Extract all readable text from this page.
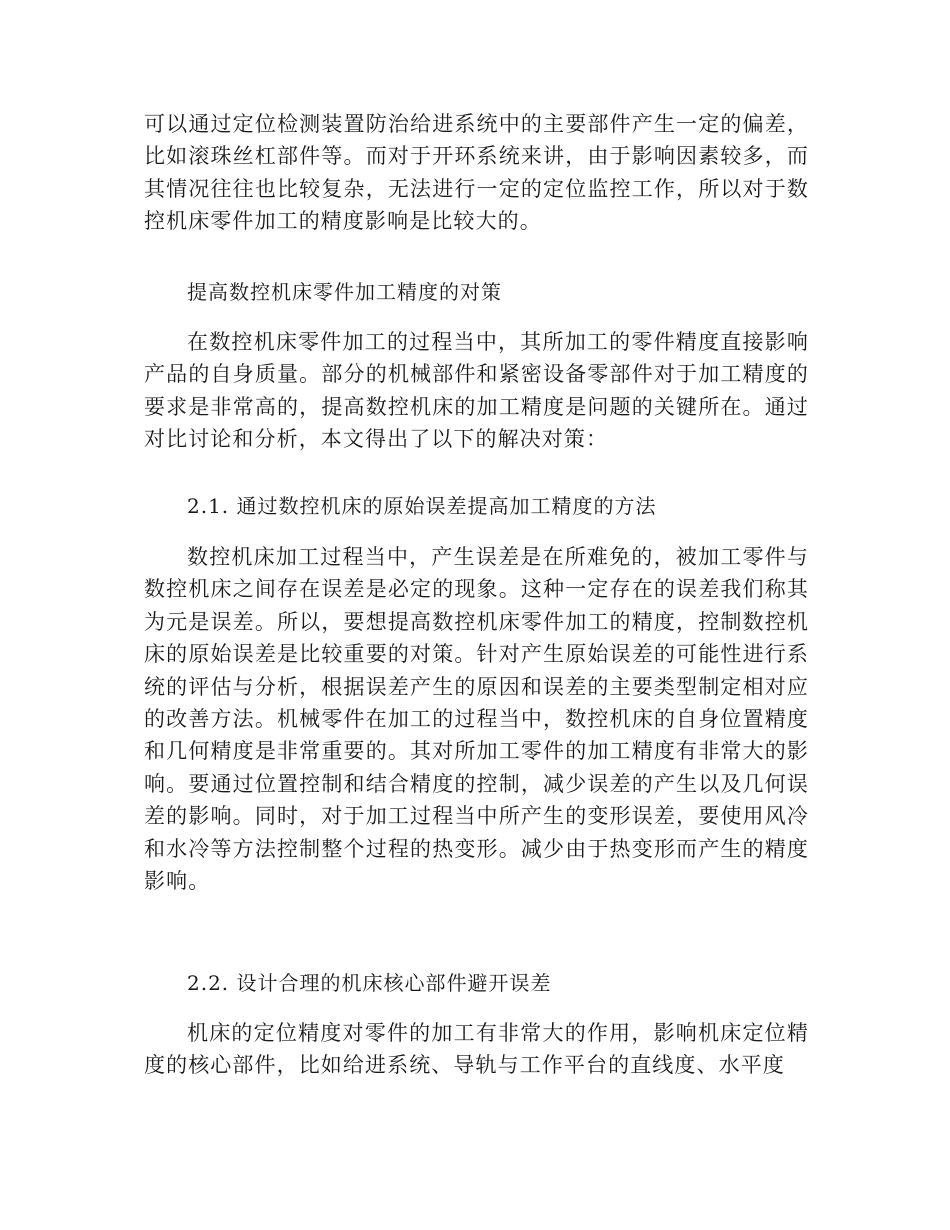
可以通过定位检测装置防治给进系统中的主要部件产生一定的偏差，比如滚珠丝杠部件等。而对于开环系统来讲，由于影响因素较多，而其情况往往也比较复杂，无法进行一定的定位监控工作，所以对于数控机床零件加工的精度影响是比较大的。

提高数控机床零件加工精度的对策

在数控机床零件加工的过程当中，其所加工的零件精度直接影响产品的自身质量。部分的机械部件和紧密设备零部件对于加工精度的要求是非常高的，提高数控机床的加工精度是问题的关键所在。通过对比讨论和分析，本文得出了以下的解决对策：

2.1. 通过数控机床的原始误差提高加工精度的方法

数控机床加工过程当中，产生误差是在所难免的，被加工零件与数控机床之间存在误差是必定的现象。这种一定存在的误差我们称其为元是误差。所以，要想提高数控机床零件加工的精度，控制数控机床的原始误差是比较重要的对策。针对产生原始误差的可能性进行系统的评估与分析，根据误差产生的原因和误差的主要类型制定相对应的改善方法。机械零件在加工的过程当中，数控机床的自身位置精度和几何精度是非常重要的。其对所加工零件的加工精度有非常大的影响。要通过位置控制和结合精度的控制，减少误差的产生以及几何误差的影响。同时，对于加工过程当中所产生的变形误差，要使用风冷和水冷等方法控制整个过程的热变形。减少由于热变形而产生的精度影响。

2.2. 设计合理的机床核心部件避开误差

机床的定位精度对零件的加工有非常大的作用，影响机床定位精度的核心部件，比如给进系统、导轨与工作平台的直线度、水平度
